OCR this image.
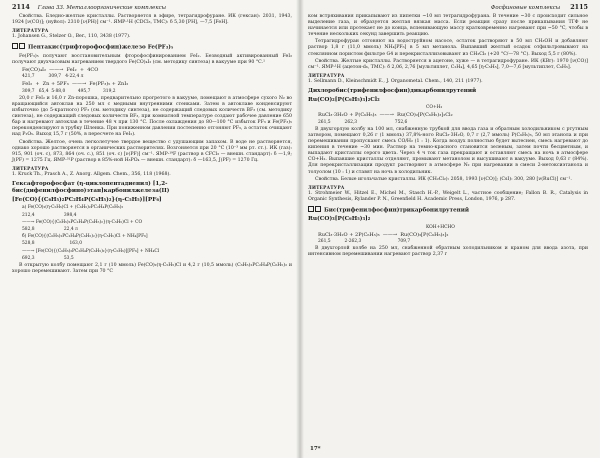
2114 Глава 33. Металлоорганические комплексы

Свойства. Бледно-желтые кристаллы. Растворяется в эфире, тетрагидрофуране. ИК (гексан): 2031, 1943, 1924 [ν(CO)]; (нуйол): 2310 [ν(PH)] см⁻¹. ЯМР-¹H (CDCl₃, TMC): δ 5,30 [PH], —7,5 [FeH].

ЛИТЕРАТУРА

1. Johansen G., Stelzer O., Ber., 110, 3438 (1977).

Пентакис(трифторофосфин)железо Fe(PF₃)₅

Fe(PF₃)₅ получают восстановительным фторофосфинированием FeI₂. Безводный активированный FeI₂ получают двухчасовым нагреванием твердого Fe(CO)₄I₂ (см. методику синтеза) в вакууме при 90 °C.¹

Fe(CO)₄I₂  ——→  FeI₂  +  4CO
421,7          309,7   4·22,4 л
FeI₂  +  Zn + 5PF₃  ——→  Fe(PF₃)₅ + ZnI₂
309,7   65,4  5·88,0         495,7         319,2

20,0 г FeI₂ и 16,0 г Zn-порошка, предварительно прогретого в вакууме, помещают в атмосфере сухого N₂ во вращающийся автоклав на 250 мл с медными внутренними стенками. Затем в автоклаве конденсируют избыточно (до 5-кратного) PF₃ (см. методику синтеза), не содержащий следовых количеств BF₃ (см. методику синтеза), не содержащий следовых количеств BF₃, при комнатной температуре создают рабочее давление 650 бар и нагревают автоклав в течение 48 ч при 130 °C. После охлаждения до 80—100 °C избыток PF₃ и Fe(PF₃)₅ переконденсируют в трубку Шленка. При пониженном давлении постепенно отгоняют PF₃, а остаток очищают над P₂O₅. Выход 15,7 г (50%, в пересчете на FeI₂).

Свойства. Желтое, очень легколетучее твердое вещество с удушающим запахом. В воде не растворяется, однако хорошо растворяется в органических растворителях. Возгоняется при 20 °C (10⁻³ мм рт. ст.). ИК (газ): 915, 901 (оч. с), 873, 864 (оч. с.), 851 (оч. с) [ν(PF)] см⁻¹. ЯМР-¹⁹F (раствор в CFCl₃ — внешн. стандарт): δ —1,9; J(PF) = 1275 Гц. ЯМР-³¹P (раствор в 85%-ной H₃PO₄ — внешн. стандарт): δ —163,5, J(PF) = 1270 Гц.

ЛИТЕРАТУРА

1. Kruck Th., Prasch A., Z. Anorg. Allgem. Chem., 356, 118 (1968).

Гексафторофосфат (η-циклопентадиенил) [1,2-бис(дифенилфосфино)этан]карбонилжелеза(II)
[Fe(CO){(C₆H₅)₂PC₂H₄P(C₆H₅)₂}(η-C₅H₅)][PF₆]
а) Fe(CO)₂(η-C₅H₅)Cl + (C₆H₅)₂PC₂H₄P(C₆H₅)₂
212,4                     398,4
——→ Fe(CO){(C₆H₅)₂PC₂H₄P(C₆H₅)₂}(η-C₅H₅)Cl + CO
582,8                     22,4 л
б) Fe(CO){(C₆H₅)₂PC₂H₄P(C₆H₅)₂}(η-C₅H₅)Cl + NH₄[PF₆]
528,8                         163,0
——→ [Fe(CO){(C₆H₅)₂PC₂H₄P(C₆H₅)₂}(η-C₅H₅)][PF₆] + NH₄Cl
692,3                     53,5

В открытую колбу помещают 2,1 г (10 ммоль) Fe(CO)₂(η-C₅H₅)Cl и 4,2 г (10,5 ммоль) (C₆H₅)₂PC₂H₄P(C₆H₅)₂ и хорошо перемешивают. Затем при 70 °C

Фосфиновые комплексы 2115

ком встряхивания прикапывают из пипетки ~10 мл тетрагидрофурана. В течение ~30 с происходит сильное выделение газа, и образуется желтая вязкая масса. Если реакция сразу после прикапывания ТГФ не начинается или протекает не до конца, вспенивающую массу кратковременно нагревают при ~50 °C, чтобы в течение нескольких секунд завершить реакцию.

Тетрагидрофуран отгоняют на водоструйном насосе, остаток растворяют в 50 мл CH₃OH и добавляют раствор 1,8 г (11,0 ммоль) NH₄[PF₆] в 5 мл метанола. Выпавший желтый осадок отфильтровывают на стеклянном пористом фильтре G4 и перекристаллизовывают из CH₂Cl₂ (+20 °C/—78 °C). Выход 5,5 г (80%).

Свойства. Желтые кристаллы. Растворяется в ацетоне, хуже — в тетрагидрофуране. ИК (KBr): 1970 [ν(CO)] см⁻¹. ЯМР-¹H (ацетон-d₆, TMC): δ 2,06, 2,76 [мультиплет, C₂H₄], 4,65 [η-C₅H₅], 7,0—7,6 [мультиплет, C₆H₅].

ЛИТЕРАТУРА

1. Sellmann D., Kleinschmidt E., J. Organometal. Chem., 140, 211 (1977).

Дихлоробис(трифенилфосфин)дикарбонилрутений
Ru(CO)₂[P(C₆H₅)₃]₂Cl₂
CO+H₂
RuCl₃·3H₂O + P(C₆H₅)₃  ——→  Ru(CO)₂[P(C₆H₅)₃]₂Cl₂
261,5          262,3                           752,6

В двухгорлую колбу на 100 мл, снабженную трубкой для ввода газа и обратным холодильником с ртутным затвором, помещают 0,26 г (1 ммоль) 37,8%-ного RuCl₃·3H₂O, 0,7 г (2,7 ммоль) P(C₆H₅)₃, 50 мл этанола и при перемешивании пропускают смесь CO/H₂ (1 : 1). Когда воздух полностью будет вытеснен, смесь нагревают до кипения в течение ~30 мин. Раствор на темно-красного становится зеленым, затем почти бесцветным, и выпадают кристаллы серого цвета. Через 4 ч ток газа прекращают и оставляют смесь на ночь в атмосфере CO+H₂. Выпавшие кристаллы отделяют, промывают метанолом и высушивают в вакууме. Выход 0,63 г (84%). Для перекристаллизации продукт растворяют в атмосфере N₂ при нагревании в смеси 2-метоксиэтанола и толуолом (10 : 1) и ставят на ночь в холодильник.

Свойства. Белые игольчатые кристаллы. ИК (CH₂Cl₂): 2058, 1993 [ν(CO)]; (CsI): 300, 280 [ν(RuCl)] см⁻¹.

ЛИТЕРАТУРА

1. Strohmeier W., Hitzel E., Michel M., Stasch H.-P., Weigelt L., частное сообщение; Fallon B. R., Catalysis in Organic Synthesis, Rylander P. N., Greenfield H. Academic Press, London, 1976, p 287.

Бис(трифенилфосфин)трикарбонилрутений
Ru(CO)₃[P(C₆H₅)₃]₂
KOH+HCHO
RuCl₃·3H₂O + 2P(C₆H₅)₃  ——→  Ru(CO)₃[P(C₆H₅)₃]₂
261,5          2·262,3                          709,7

В двухгорлой колбе на 250 мл, снабженной обратным холодильником и краном для ввода азота, при интенсивном перемешивании нагревают раствор 2,37 г

17*
